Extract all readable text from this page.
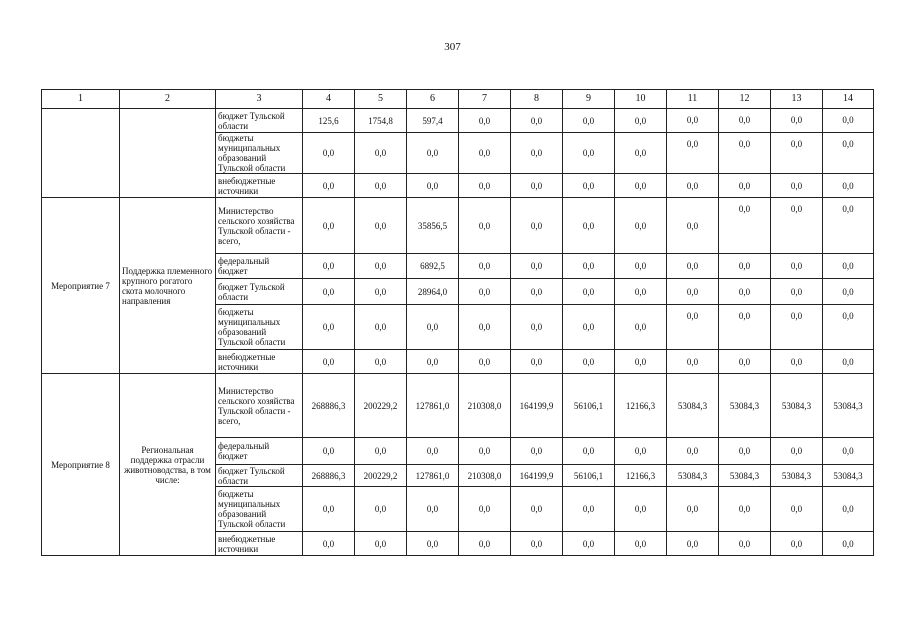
307
1	2	3	4	5	6	7	8	9	10	11	12	13	14
		бюджет Тульской области	125,6	1754,8	597,4	0,0	0,0	0,0	0,0	0,0	0,0	0,0	0,0
		бюджеты муниципальных образований Тульской области	0,0	0,0	0,0	0,0	0,0	0,0	0,0	0,0	0,0	0,0	0,0
		внебюджетные источники	0,0	0,0	0,0	0,0	0,0	0,0	0,0	0,0	0,0	0,0	0,0
Мероприятие 7	Поддержка племенного крупного рогатого скота молочного направления	Министерство сельского хозяйства Тульской области - всего,	0,0	0,0	35856,5	0,0	0,0	0,0	0,0	0,0	0,0	0,0	0,0
		федеральный бюджет	0,0	0,0	6892,5	0,0	0,0	0,0	0,0	0,0	0,0	0,0	0,0
		бюджет Тульской области	0,0	0,0	28964,0	0,0	0,0	0,0	0,0	0,0	0,0	0,0	0,0
		бюджеты муниципальных образований Тульской области	0,0	0,0	0,0	0,0	0,0	0,0	0,0	0,0	0,0	0,0	0,0
		внебюджетные источники	0,0	0,0	0,0	0,0	0,0	0,0	0,0	0,0	0,0	0,0	0,0
Мероприятие 8	Региональная поддержка отрасли животноводства, в том числе:	Министерство сельского хозяйства Тульской области - всего,	268886,3	200229,2	127861,0	210308,0	164199,9	56106,1	12166,3	53084,3	53084,3	53084,3	53084,3
		федеральный бюджет	0,0	0,0	0,0	0,0	0,0	0,0	0,0	0,0	0,0	0,0	0,0
		бюджет Тульской области	268886,3	200229,2	127861,0	210308,0	164199,9	56106,1	12166,3	53084,3	53084,3	53084,3	53084,3
		бюджеты муниципальных образований Тульской области	0,0	0,0	0,0	0,0	0,0	0,0	0,0	0,0	0,0	0,0	0,0
		внебюджетные источники	0,0	0,0	0,0	0,0	0,0	0,0	0,0	0,0	0,0	0,0	0,0
